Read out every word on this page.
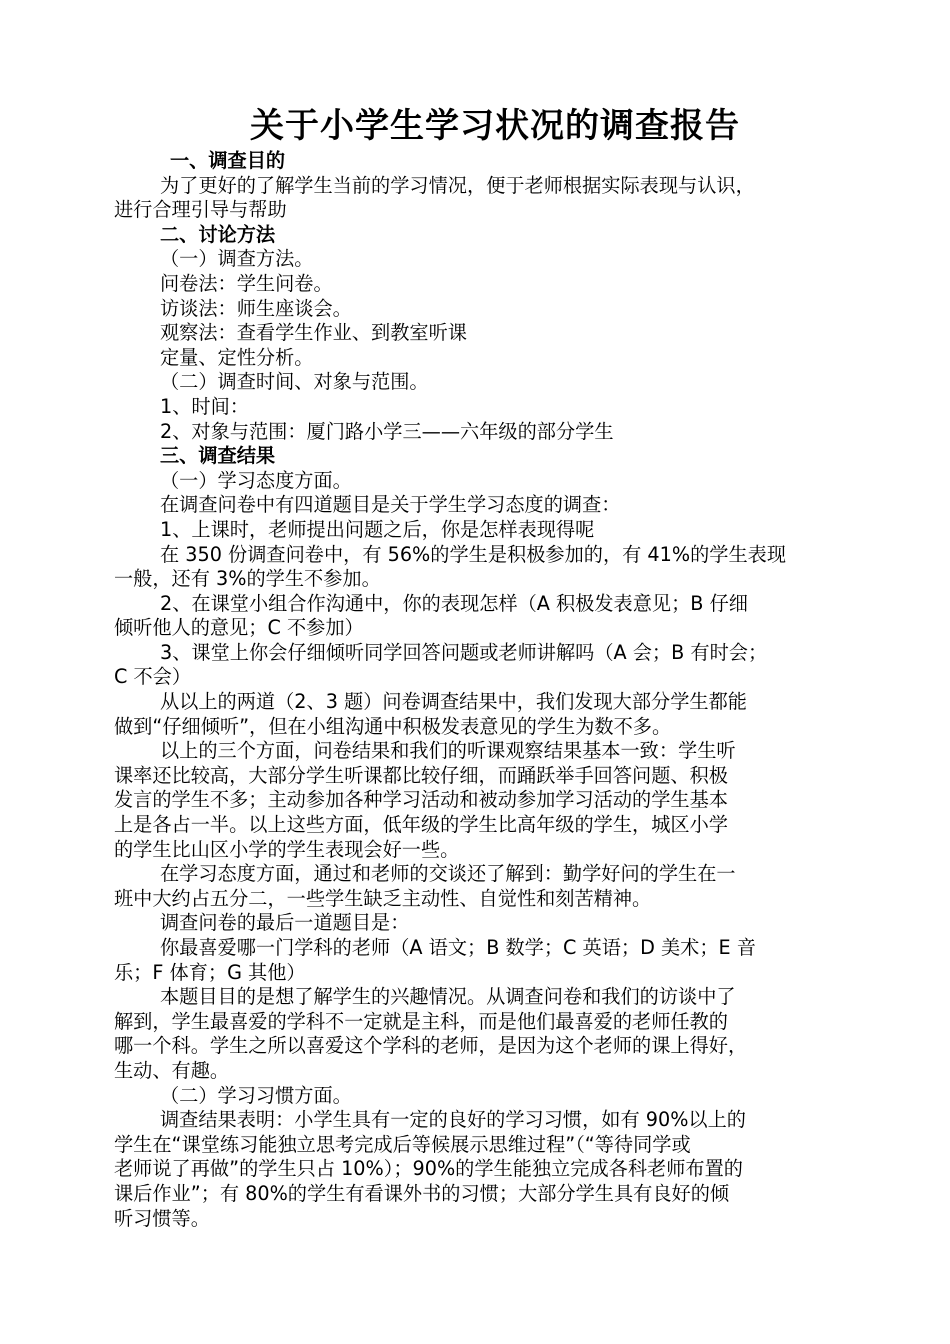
关于小学生学习状况的调查报告
一、调查目的
为了更好的了解学生当前的学习情况，便于老师根据实际表现与认识，
进行合理引导与帮助
二、讨论方法
（一）调查方法。
问卷法：学生问卷。
访谈法：师生座谈会。
观察法：查看学生作业、到教室听课
定量、定性分析。
（二）调查时间、对象与范围。
1、时间：
2、对象与范围：厦门路小学三——六年级的部分学生
三、调查结果
（一）学习态度方面。
在调查问卷中有四道题目是关于学生学习态度的调查：
1、上课时，老师提出问题之后，你是怎样表现得呢
在 350 份调查问卷中，有 56%的学生是积极参加的，有 41%的学生表现
一般，还有 3%的学生不参加。
2、在课堂小组合作沟通中，你的表现怎样（A 积极发表意见；B 仔细
倾听他人的意见；C 不参加）
3、课堂上你会仔细倾听同学回答问题或老师讲解吗（A 会；B 有时会；
C 不会）
从以上的两道（2、3 题）问卷调查结果中，我们发现大部分学生都能
做到“仔细倾听”，但在小组沟通中积极发表意见的学生为数不多。
以上的三个方面，问卷结果和我们的听课观察结果基本一致：学生听
课率还比较高，大部分学生听课都比较仔细，而踊跃举手回答问题、积极
发言的学生不多；主动参加各种学习活动和被动参加学习活动的学生基本
上是各占一半。以上这些方面，低年级的学生比高年级的学生，城区小学
的学生比山区小学的学生表现会好一些。
在学习态度方面，通过和老师的交谈还了解到：勤学好问的学生在一
班中大约占五分二，一些学生缺乏主动性、自觉性和刻苦精神。
调查问卷的最后一道题目是：
你最喜爱哪一门学科的老师（A 语文；B 数学；C 英语；D 美术；E 音
乐；F 体育；G 其他）
本题目目的是想了解学生的兴趣情况。从调查问卷和我们的访谈中了
解到，学生最喜爱的学科不一定就是主科，而是他们最喜爱的老师任教的
哪一个科。学生之所以喜爱这个学科的老师，是因为这个老师的课上得好，
生动、有趣。
（二）学习习惯方面。
调查结果表明：小学生具有一定的良好的学习习惯，如有 90%以上的
学生在“课堂练习能独立思考完成后等候展示思维过程”（“等待同学或
老师说了再做”的学生只占 10%）；90%的学生能独立完成各科老师布置的
课后作业”；有 80%的学生有看课外书的习惯；大部分学生具有良好的倾
听习惯等。
